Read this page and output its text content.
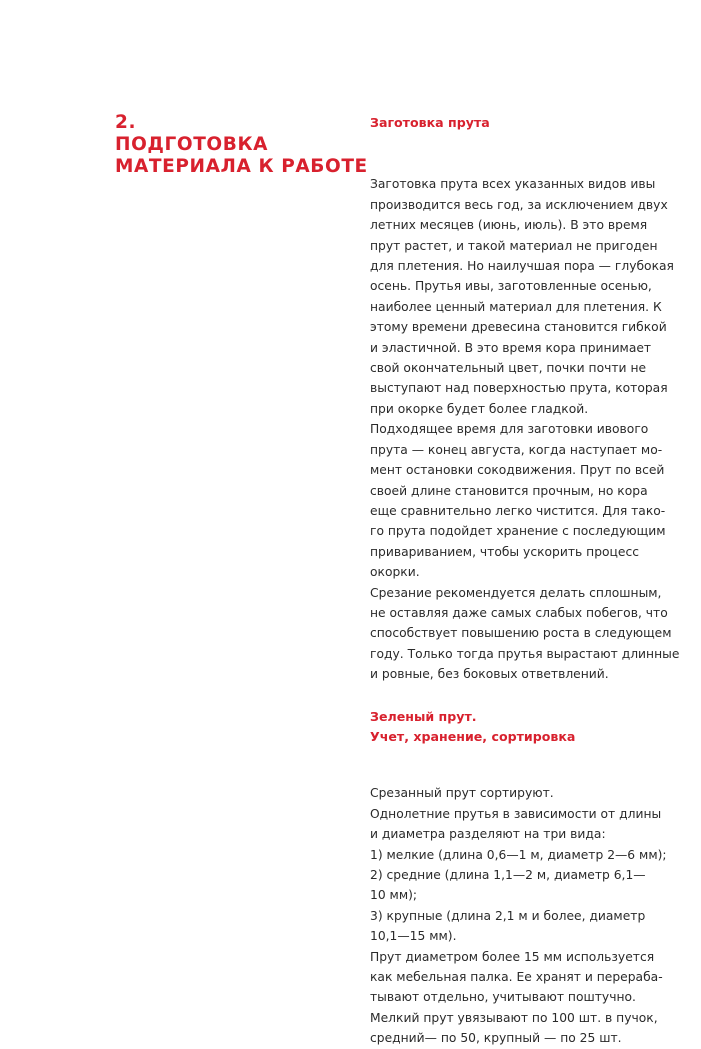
2.
ПОДГОТОВКА
МАТЕРИАЛА К РАБОТЕ
Заготовка прута
Заготовка прута всех указанных видов ивы
производится весь год, за исключением двух
летних месяцев (июнь, июль). В это время
прут растет, и такой материал не пригоден
для плетения. Но наилучшая пора — глубокая
осень. Прутья ивы, заготовленные осенью,
наиболее ценный материал для плетения. К
этому времени древесина становится гибкой
и эластичной. В это время кора принимает
свой окончательный цвет, почки почти не
выступают над поверхностью прута, которая
при окорке будет более гладкой.
Подходящее время для заготовки ивового
прута — конец августа, когда наступает мо-
мент остановки сокодвижения. Прут по всей
своей длине становится прочным, но кора
еще сравнительно легко чистится. Для тако-
го прута подойдет хранение с последующим
привариванием, чтобы ускорить процесс
окорки.
Срезание рекомендуется делать сплошным,
не оставляя даже самых слабых побегов, что
способствует повышению роста в следующем
году. Только тогда прутья вырастают длинные
и ровные, без боковых ответвлений.
Зеленый прут.
Учет, хранение, сортировка
Срезанный прут сортируют.
Однолетние прутья в зависимости от длины
и диаметра разделяют на три вида:
1) мелкие (длина 0,6—1 м, диаметр 2—6 мм);
2) средние (длина 1,1—2 м, диаметр 6,1—
10 мм);
3) крупные (длина 2,1 м и более, диаметр
10,1—15 мм).
Прут диаметром более 15 мм используется
как мебельная палка. Ее хранят и перераба-
тывают отдельно, учитывают поштучно.
Мелкий прут увязывают по 100 шт. в пучок,
средний— по 50, крупный — по 25 шт.
